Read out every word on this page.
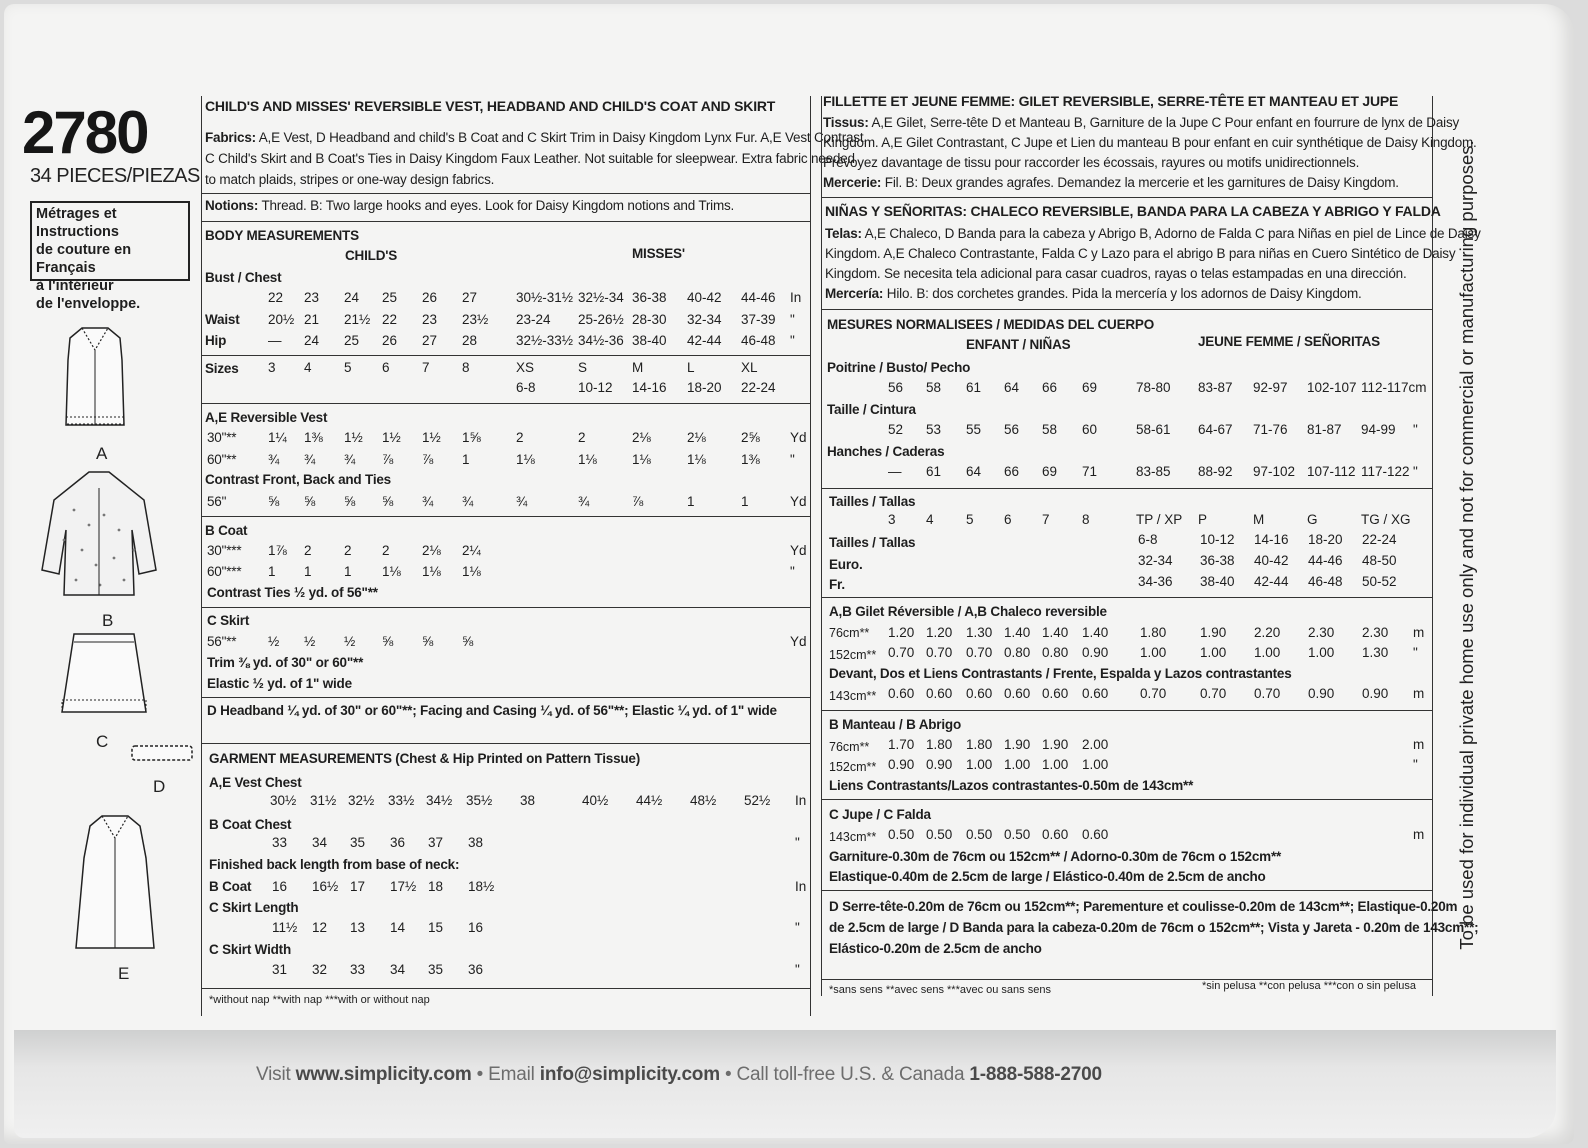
2780
34 PIECES/PIEZAS
Métrages et Instructions
de couture en Français
à l'intérieur
de l'enveloppe.
A
B
C
D
E
CHILD'S AND MISSES' REVERSIBLE VEST, HEADBAND AND CHILD'S COAT AND SKIRT
Fabrics: A,E Vest, D Headband and child's B Coat and C Skirt Trim in Daisy Kingdom Lynx Fur. A,E Vest Contrast,
C Child's Skirt and B Coat's Ties in Daisy Kingdom Faux Leather. Not suitable for sleepwear. Extra fabric needed
to match plaids, stripes or one-way design fabrics.
Notions: Thread. B: Two large hooks and eyes. Look for Daisy Kingdom notions and Trims.
BODY MEASUREMENTS
CHILD'S	MISSES'
Bust / Chest
22 23 24 25 26 27	30½-31½ 32½-34 36-38 40-42 44-46 In
Waist 20½ 21 21½ 22 23 23½ 23-24 25-26½ 28-30 32-34 37-39 "
Hip	— 24 25 26 27 28	32½-33½ 34½-36 38-40 42-44 46-48 "
Sizes 3 4 5 6 7 8	XS	S	M	L	XL
6-8	10-12 14-16 18-20 22-24
A,E Reversible Vest
30"** 1¼ 1⅜ 1½ 1½ 1½ 1⅝	2	2	2⅛	2⅛	2⅝ Yd
60"** ¾ ¾ ¾ ⅞ ⅞ 1	1⅛	1⅛	1⅛	1⅛	1⅜ "
Contrast Front, Back and Ties
56"	⅝ ⅝ ⅝ ⅝ ¾ ¾	¾	¾	⅞	1	1	Yd
B Coat
30"*** 1⅞ 2 2 2 2⅛ 2¼	Yd
60"*** 1 1 1 1⅛ 1⅛ 1⅛	"
Contrast Ties ½ yd. of 56"**
C Skirt
56"** ½ ½ ½ ⅝ ⅝ ⅝	Yd
Trim ⅜ yd. of 30" or 60"**
Elastic ½ yd. of 1" wide
D Headband ¼ yd. of 30" or 60"**; Facing and Casing ¼ yd. of 56"**; Elastic ¼ yd. of 1" wide
GARMENT MEASUREMENTS (Chest & Hip Printed on Pattern Tissue)
A,E Vest Chest
30½ 31½ 32½ 33½ 34½ 35½ 38	40½ 44½ 48½ 52½ In
B Coat Chest
33 34 35 36 37 38	"
Finished back length from base of neck:
B Coat 16 16½ 17 17½ 18 18½	In
C Skirt Length
11½ 12 13 14 15 16	"
C Skirt Width
31 32 33 34 35 36	"
*without nap **with nap ***with or without nap
FILLETTE ET JEUNE FEMME: GILET REVERSIBLE, SERRE-TÊTE ET MANTEAU ET JUPE
Tissus: A,E Gilet, Serre-tête D et Manteau B, Garniture de la Jupe C Pour enfant en fourrure de lynx de Daisy
Kingdom. A,E Gilet Contrastant, C Jupe et Lien du manteau B pour enfant en cuir synthétique de Daisy Kingdom.
Prévoyez davantage de tissu pour raccorder les écossais, rayures ou motifs unidirectionnels.
Mercerie: Fil. B: Deux grandes agrafes. Demandez la mercerie et les garnitures de Daisy Kingdom.
NIÑAS Y SEÑORITAS: CHALECO REVERSIBLE, BANDA PARA LA CABEZA Y ABRIGO Y FALDA
Telas: A,E Chaleco, D Banda para la cabeza y Abrigo B, Adorno de Falda C para Niñas en piel de Lince de Daisy
Kingdom. A,E Chaleco Contrastante, Falda C y Lazo para el abrigo B para niñas en Cuero Sintético de Daisy
Kingdom. Se necesita tela adicional para casar cuadros, rayas o telas estampadas en una dirección.
Mercería: Hilo. B: dos corchetes grandes. Pida la mercería y los adornos de Daisy Kingdom.
MESURES NORMALISEES / MEDIDAS DEL CUERPO
ENFANT / NIÑAS	JEUNE FEMME / SEÑORITAS
Poitrine / Busto/ Pecho
56 58 61 64 66 69	78-80 83-87 92-97 102-107 112-117cm
Taille / Cintura
52 53 55 56 58 60	58-61 64-67 71-76 81-87 94-99 "
Hanches / Caderas
— 61 64 66 69 71	83-85 88-92 97-102 107-112 117-122 "
Tailles / Tallas
3 4 5 6 7 8	TP / XP P	M	G	TG / XG
Tailles / Tallas	6-8	10-12 14-16 18-20 22-24
Euro.	32-34 36-38 40-42 44-46 48-50
Fr.	34-36 38-40 42-44 46-48 50-52
A,B Gilet Réversible / A,B Chaleco reversible
76cm** 1.20 1.20 1.30 1.40 1.40 1.40 1.80 1.90 2.20 2.30 2.30 m
152cm** 0.70 0.70 0.70 0.80 0.80 0.90 1.00 1.00 1.00 1.00 1.30 "
Devant, Dos et Liens Contrastants / Frente, Espalda y Lazos contrastantes
143cm** 0.60 0.60 0.60 0.60 0.60 0.60 0.70 0.70 0.70 0.90 0.90 m
B Manteau / B Abrigo
76cm** 1.70 1.80 1.80 1.90 1.90 2.00	m
152cm** 0.90 0.90 1.00 1.00 1.00 1.00	"
Liens Contrastants/Lazos contrastantes-0.50m de 143cm**
C Jupe / C Falda
143cm** 0.50 0.50 0.50 0.50 0.60 0.60	m
Garniture-0.30m de 76cm ou 152cm** / Adorno-0.30m de 76cm o 152cm**
Elastique-0.40m de 2.5cm de large / Elástico-0.40m de 2.5cm de ancho
D Serre-tête-0.20m de 76cm ou 152cm**; Parementure et coulisse-0.20m de 143cm**; Elastique-0.20m
de 2.5cm de large / D Banda para la cabeza-0.20m de 76cm o 152cm**; Vista y Jareta - 0.20m de 143cm**;
Elástico-0.20m de 2.5cm de ancho
*sans sens **avec sens ***avec ou sans sens	*sin pelusa **con pelusa ***con o sin pelusa
To be used for individual private home use only and not for commercial or manufacturing purposes.
Visit www.simplicity.com • Email info@simplicity.com • Call toll-free U.S. & Canada 1-888-588-2700
